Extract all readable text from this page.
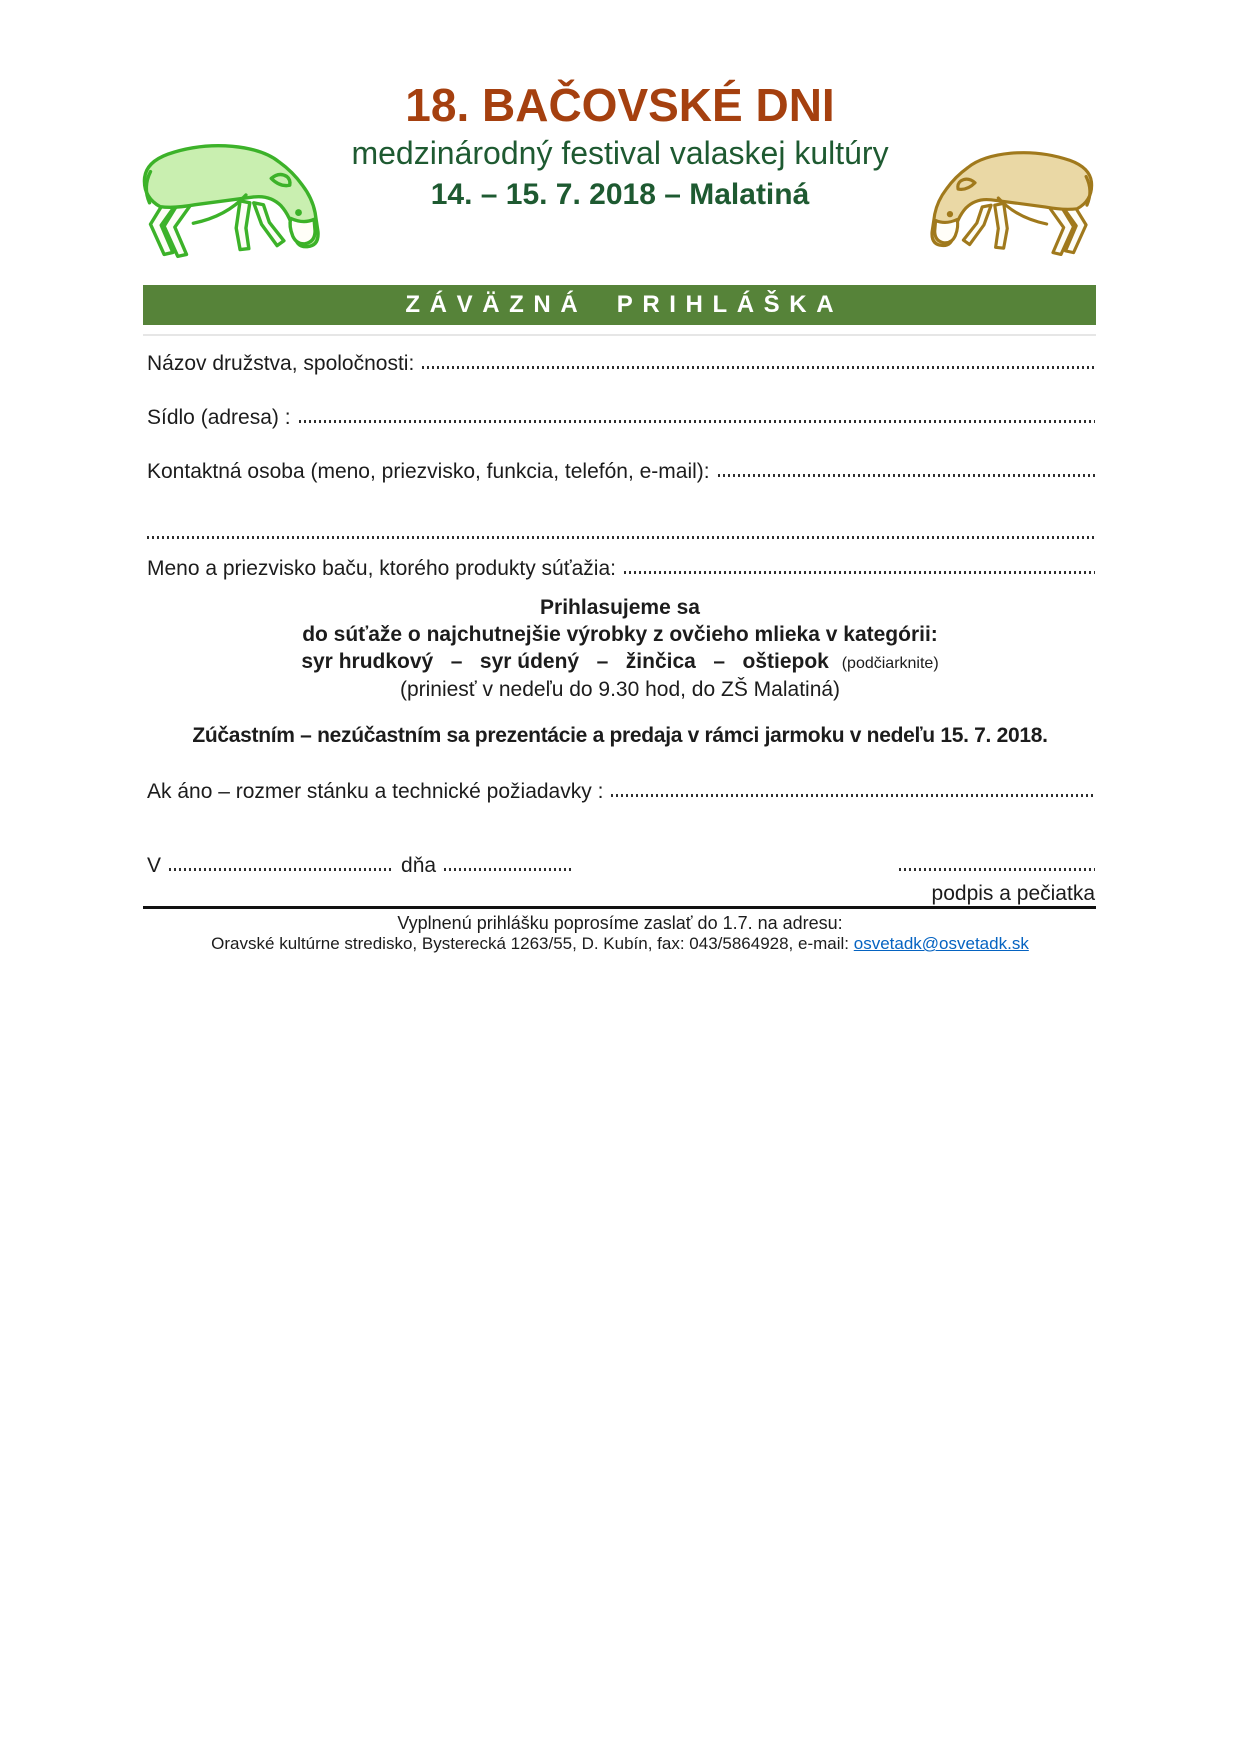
18. BAČOVSKÉ DNI
medzinárodný festival valaskej kultúry
14. – 15. 7. 2018 – Malatiná
ZÁVÄZNÁ PRIHLÁŠKA
Názov družstva, spoločnosti:
Sídlo (adresa) :
Kontaktná osoba (meno, priezvisko, funkcia, telefón, e-mail):
Meno a priezvisko baču, ktorého produkty súťažia:
Prihlasujeme sa
do súťaže o najchutnejšie výrobky z ovčieho mlieka v kategórii:
syr hrudkový   –   syr údený   –   žinčica   –   oštiepok (podčiarknite)
(priniesť v nedeľu do 9.30 hod, do ZŠ Malatiná)
Zúčastním – nezúčastním sa prezentácie a predaja v rámci jarmoku v nedeľu 15. 7. 2018.
Ak áno – rozmer stánku a technické požiadavky :
V	dňa
podpis a pečiatka
Vyplnenú prihlášku poprosíme zaslať do 1.7. na adresu:
Oravské kultúrne stredisko, Bysterecká 1263/55, D. Kubín, fax: 043/5864928, e-mail: osvetadk@osvetadk.sk
